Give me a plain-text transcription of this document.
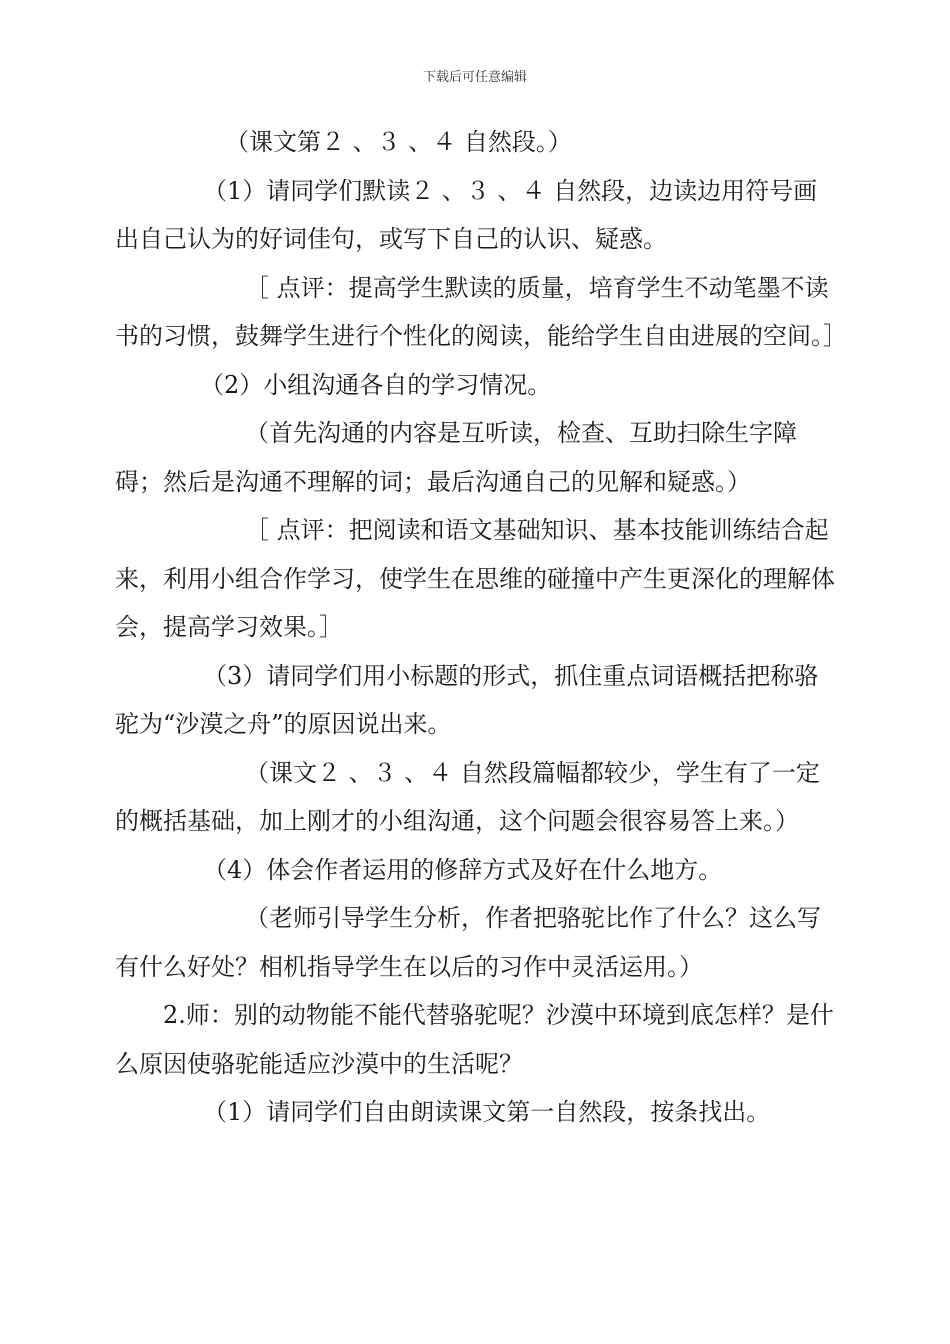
下载后可任意编辑

（课文第２ 、３ 、４ 自然段。）

（1）请同学们默读２ 、３ 、４ 自然段，边读边用符号画出自己认为的好词佳句，或写下自己的认识、疑惑。

［ 点评：提高学生默读的质量，培育学生不动笔墨不读书的习惯，鼓舞学生进行个性化的阅读，能给学生自由进展的空间。］

（2）小组沟通各自的学习情况。

（首先沟通的内容是互听读，检查、互助扫除生字障碍；然后是沟通不理解的词；最后沟通自己的见解和疑惑。）

［ 点评：把阅读和语文基础知识、基本技能训练结合起来，利用小组合作学习，使学生在思维的碰撞中产生更深化的理解体会，提高学习效果。］

（3）请同学们用小标题的形式，抓住重点词语概括把称骆驼为“沙漠之舟”的原因说出来。

（课文２ 、３ 、４ 自然段篇幅都较少，学生有了一定的概括基础，加上刚才的小组沟通，这个问题会很容易答上来。）

（4）体会作者运用的修辞方式及好在什么地方。

（老师引导学生分析，作者把骆驼比作了什么？这么写有什么好处？相机指导学生在以后的习作中灵活运用。）

2.师：别的动物能不能代替骆驼呢？沙漠中环境到底怎样？是什么原因使骆驼能适应沙漠中的生活呢？

（1）请同学们自由朗读课文第一自然段，按条找出。
